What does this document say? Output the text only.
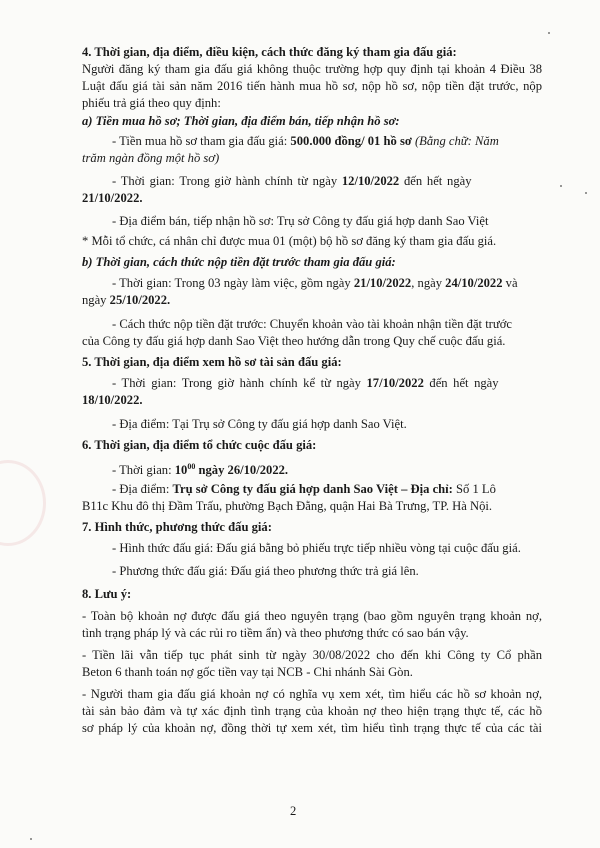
4. Thời gian, địa điểm, điều kiện, cách thức đăng ký tham gia đấu giá:
Người đăng ký tham gia đấu giá không thuộc trường hợp quy định tại khoản 4 Điều 38
Luật đấu giá tài sản năm 2016 tiến hành mua hồ sơ, nộp hồ sơ, nộp tiền đặt trước, nộp
phiếu trả giá theo quy định:
a) Tiền mua hồ sơ; Thời gian, địa điểm bán, tiếp nhận hồ sơ:
- Tiền mua hồ sơ tham gia đấu giá: 500.000 đồng/ 01 hồ sơ (Bằng chữ: Năm
trăm ngàn đồng một hồ sơ)
- Thời gian: Trong giờ hành chính từ ngày 12/10/2022 đến hết ngày
21/10/2022.
- Địa điểm bán, tiếp nhận hồ sơ: Trụ sở Công ty đấu giá hợp danh Sao Việt
* Mỗi tổ chức, cá nhân chỉ được mua 01 (một) bộ hồ sơ đăng ký tham gia đấu giá.
b) Thời gian, cách thức nộp tiền đặt trước tham gia đấu giá:
- Thời gian: Trong 03 ngày làm việc, gồm ngày 21/10/2022, ngày 24/10/2022 và
ngày 25/10/2022.
- Cách thức nộp tiền đặt trước: Chuyển khoản vào tài khoản nhận tiền đặt trước
của Công ty đấu giá hợp danh Sao Việt theo hướng dẫn trong Quy chế cuộc đấu giá.
5. Thời gian, địa điểm xem hồ sơ tài sản đấu giá:
- Thời gian: Trong giờ hành chính kể từ ngày 17/10/2022 đến hết ngày
18/10/2022.
- Địa điểm: Tại Trụ sở Công ty đấu giá hợp danh Sao Việt.
6. Thời gian, địa điểm tổ chức cuộc đấu giá:
- Thời gian: $10^{00}$ ngày 26/10/2022.
- Địa điểm: Trụ sở Công ty đấu giá hợp danh Sao Việt – Địa chỉ: Số 1 Lô
B11c Khu đô thị Đầm Trấu, phường Bạch Đằng, quận Hai Bà Trưng, TP. Hà Nội.
7. Hình thức, phương thức đấu giá:
- Hình thức đấu giá: Đấu giá bằng bỏ phiếu trực tiếp nhiều vòng tại cuộc đấu giá.
- Phương thức đấu giá: Đấu giá theo phương thức trả giá lên.
8. Lưu ý:
- Toàn bộ khoản nợ được đấu giá theo nguyên trạng (bao gồm nguyên trạng khoản nợ,
tình trạng pháp lý và các rủi ro tiềm ẩn) và theo phương thức có sao bán vậy.
- Tiền lãi vẫn tiếp tục phát sinh từ ngày 30/08/2022 cho đến khi Công ty Cổ phần
Beton 6 thanh toán nợ gốc tiền vay tại NCB - Chi nhánh Sài Gòn.
- Người tham gia đấu giá khoản nợ có nghĩa vụ xem xét, tìm hiểu các hồ sơ khoản nợ,
tài sản bảo đảm và tự xác định tình trạng của khoản nợ theo hiện trạng thực tế, các hồ
sơ pháp lý của khoản nợ, đồng thời tự xem xét, tìm hiểu tình trạng thực tế của các tài
2
